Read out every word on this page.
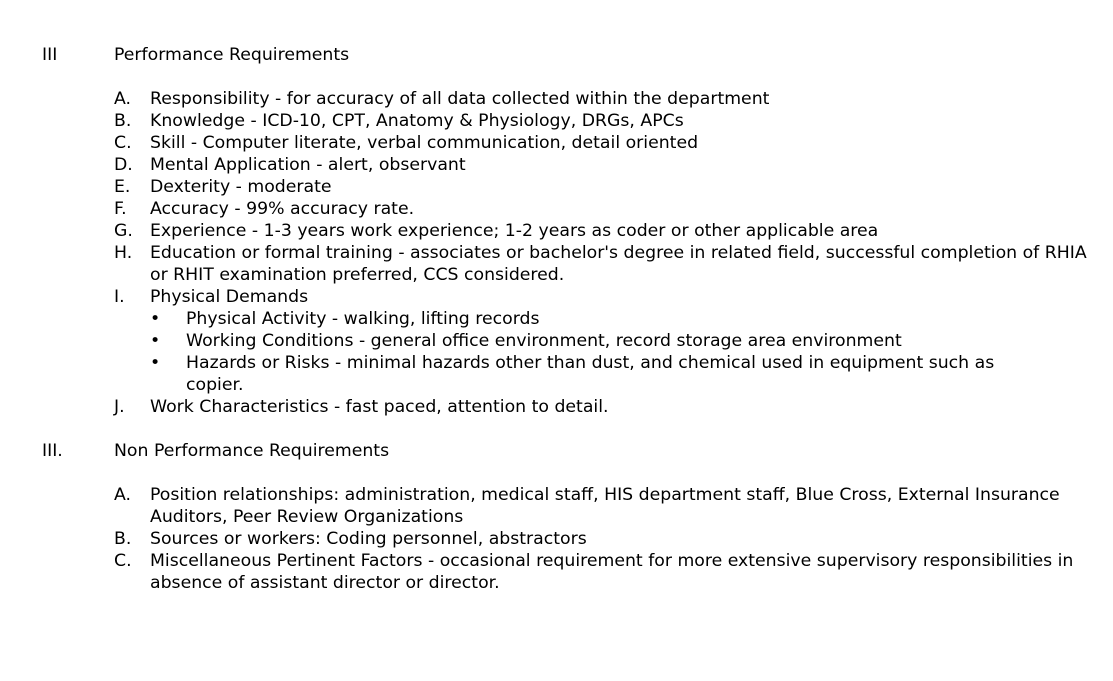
III	Performance Requirements
A. Responsibility - for accuracy of all data collected within the department
B. Knowledge - ICD-10, CPT, Anatomy & Physiology, DRGs, APCs
C. Skill - Computer literate, verbal communication, detail oriented
D. Mental Application - alert, observant
E. Dexterity - moderate
F. Accuracy - 99% accuracy rate.
G. Experience - 1-3 years work experience; 1-2 years as coder or other applicable area
H. Education or formal training - associates or bachelor's degree in related field, successful completion of RHIA or RHIT examination preferred, CCS considered.
I. Physical Demands
• Physical Activity - walking, lifting records
• Working Conditions - general office environment, record storage area environment
• Hazards or Risks - minimal hazards other than dust, and chemical used in equipment such as copier.
J. Work Characteristics - fast paced, attention to detail.
III.	Non Performance Requirements
A. Position relationships: administration, medical staff, HIS department staff, Blue Cross, External Insurance Auditors, Peer Review Organizations
B. Sources or workers: Coding personnel, abstractors
C. Miscellaneous Pertinent Factors - occasional requirement for more extensive supervisory responsibilities in absence of assistant director or director.
